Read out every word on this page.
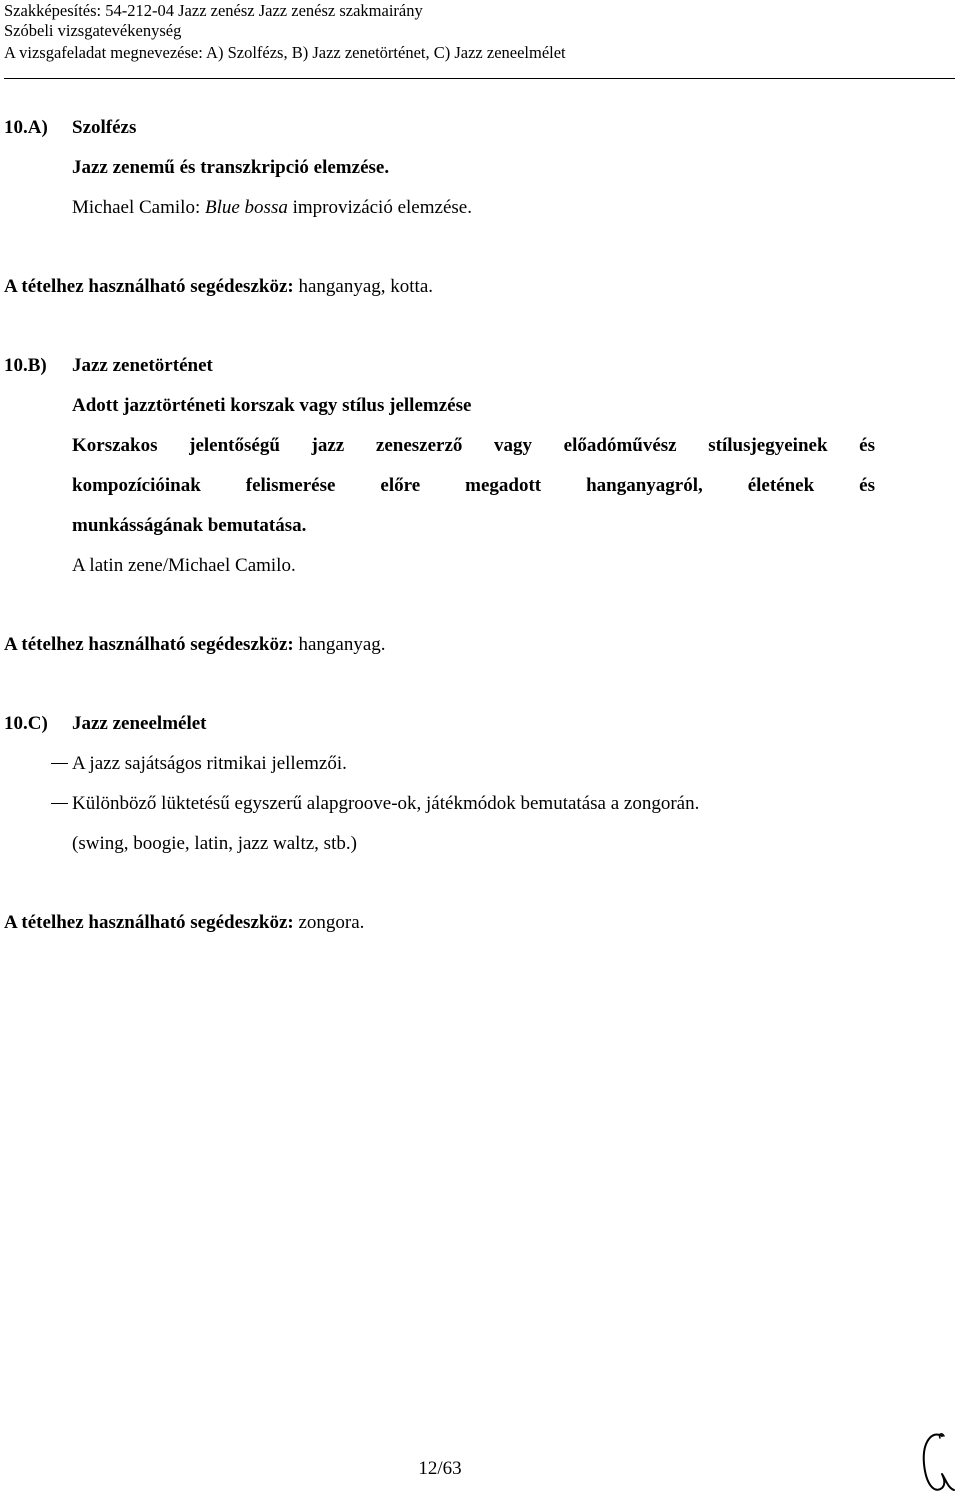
Szakképesítés: 54-212-04 Jazz zenész Jazz zenész szakmairány
Szóbeli vizsgatevékenység
A vizsgafeladat megnevezése: A) Szolfézs, B) Jazz zenetörténet, C) Jazz zeneelmélet
10.A) Szolfézs
Jazz zenemű és transzkripció elemzése.
Michael Camilo: Blue bossa improvizáció elemzése.
A tételhez használható segédeszköz: hanganyag, kotta.
10.B) Jazz zenetörténet
Adott jazztörténeti korszak vagy stílus jellemzése
Korszakos jelentőségű jazz zeneszerző vagy előadóművész stílusjegyeinek és
kompozícióinak felismerése előre megadott hanganyagról, életének és
munkásságának bemutatása.
A latin zene/Michael Camilo.
A tételhez használható segédeszköz: hanganyag.
10.C) Jazz zeneelmélet
A jazz sajátságos ritmikai jellemzői.
Különböző lüktetésű egyszerű alapgroove-ok, játékmódok bemutatása a zongorán.
(swing, boogie, latin, jazz waltz, stb.)
A tételhez használható segédeszköz: zongora.
12/63
